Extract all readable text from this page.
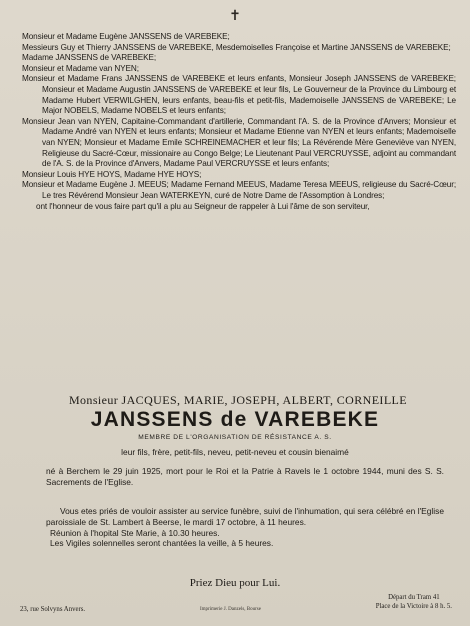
✝

Monsieur et Madame Eugène JANSSENS de VAREBEKE;

Messieurs Guy et Thierry JANSSENS de VAREBEKE, Mesdemoiselles Françoise et Martine JANSSENS de VAREBEKE;

Madame JANSSENS de VAREBEKE;

Monsieur et Madame van NYEN;

Monsieur et Madame Frans JANSSENS de VAREBEKE et leurs enfants, Monsieur Joseph JANSSENS de VAREBEKE; Monsieur et Madame Augustin JANSSENS de VAREBEKE et leur fils, Le Gouverneur de la Province du Limbourg et Madame Hubert VERWILGHEN, leurs enfants, beau-fils et petit-fils, Mademoiselle JANSSENS de VAREBEKE; Le Major NOBELS, Madame NOBELS et leurs enfants;

Monsieur Jean van NYEN, Capitaine-Commandant d'artillerie, Commandant l'A. S. de la Province d'Anvers; Monsieur et Madame André van NYEN et leurs enfants; Monsieur et Madame Etienne van NYEN et leurs enfants; Mademoiselle van NYEN; Monsieur et Madame Emile SCHREINEMACHER et leur fils; La Révérende Mère Geneviève van NYEN, Religieuse du Sacré-Cœur, missionaire au Congo Belge; Le Lieutenant Paul VERCRUYSSE, adjoint au commandant de l'A. S. de la Province d'Anvers, Madame Paul VERCRUYSSE et leurs enfants;

Monsieur Louis HYE HOYS, Madame HYE HOYS;

Monsieur et Madame Eugène J. MEEUS; Madame Fernand MEEUS, Madame Teresa MEEUS, religieuse du Sacré-Cœur; Le tres Révérend Monsieur Jean WATERKEYN, curé de Notre Dame de l'Assomption à Londres;

ont l'honneur de vous faire part qu'il a plu au Seigneur de rappeler à Lui l'âme de son serviteur,

Monsieur JACQUES, MARIE, JOSEPH, ALBERT, CORNEILLE
JANSSENS de VAREBEKE
MEMBRE DE L'ORGANISATION DE RÉSISTANCE A. S.
leur fils, frère, petit-fils, neveu, petit-neveu et cousin bienaimé
né à Berchem le 29 juin 1925, mort pour le Roi et la Patrie à Ravels le 1 octobre 1944, muni des S. S. Sacrements de l'Eglise.
Vous etes priés de vouloir assister au service funèbre, suivi de l'inhumation, qui sera célébré en l'Eglise paroissiale de St. Lambert à Beerse, le mardi 17 octobre, à 11 heures.
Réunion à l'hopital Ste Marie, à 10.30 heures.
Les Vigiles solennelles seront chantées la veille, à 5 heures.
Priez Dieu pour Lui.
Départ du Tram 41
Place de la Victoire à 8 h. 5.
23, rue Solvyns Anvers.	Imprimerie J. Danzels, Bourse
